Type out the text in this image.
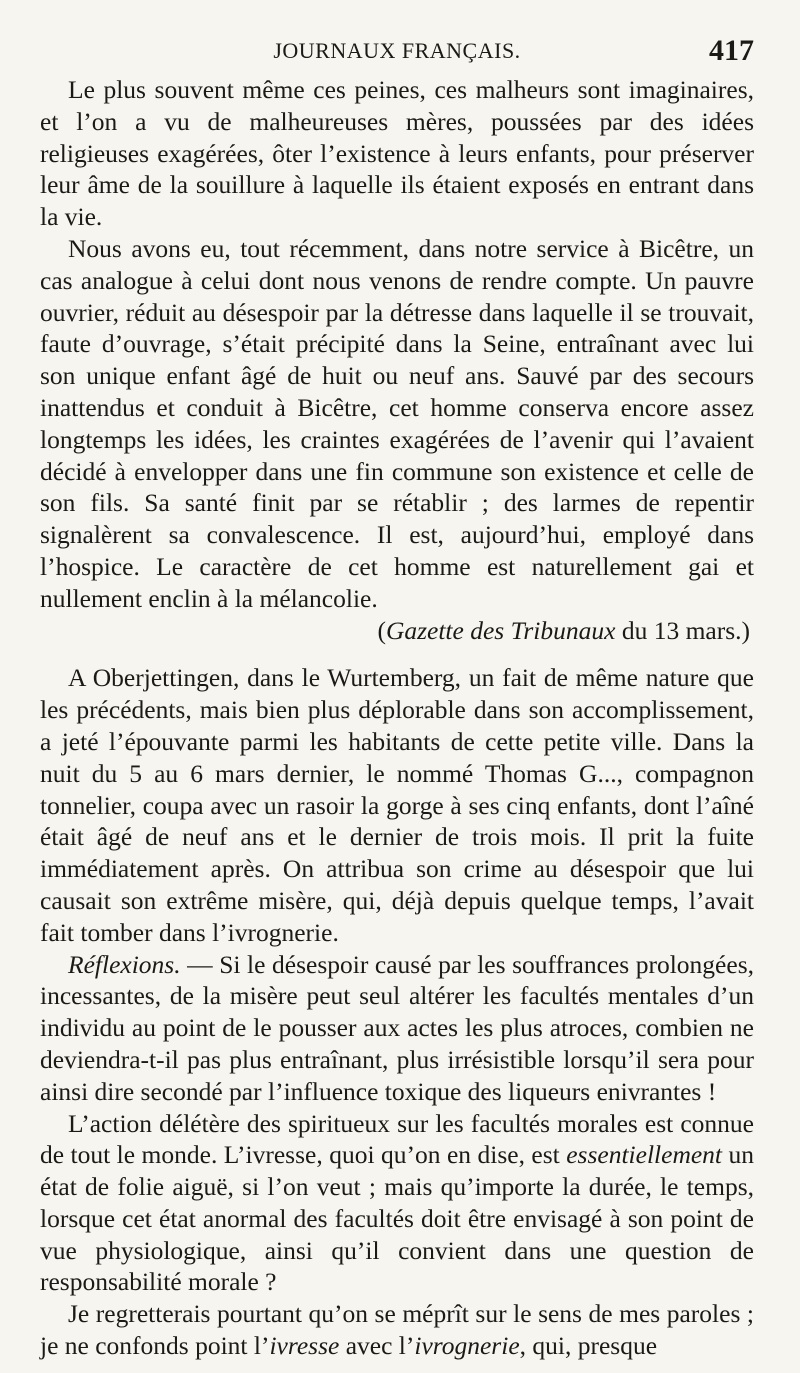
JOURNAUX FRANÇAIS.	417

Le plus souvent même ces peines, ces malheurs sont imaginaires, et l’on a vu de malheureuses mères, poussées par des idées religieuses exagérées, ôter l’existence à leurs enfants, pour préserver leur âme de la souillure à laquelle ils étaient exposés en entrant dans la vie.

Nous avons eu, tout récemment, dans notre service à Bicêtre, un cas analogue à celui dont nous venons de rendre compte. Un pauvre ouvrier, réduit au désespoir par la détresse dans laquelle il se trouvait, faute d’ouvrage, s’était précipité dans la Seine, entraînant avec lui son unique enfant âgé de huit ou neuf ans. Sauvé par des secours inattendus et conduit à Bicêtre, cet homme conserva encore assez longtemps les idées, les craintes exagérées de l’avenir qui l’avaient décidé à envelopper dans une fin commune son existence et celle de son fils. Sa santé finit par se rétablir ; des larmes de repentir signalèrent sa convalescence. Il est, aujourd’hui, employé dans l’hospice. Le caractère de cet homme est naturellement gai et nullement enclin à la mélancolie.

(Gazette des Tribunaux du 13 mars.)

A Oberjettingen, dans le Wurtemberg, un fait de même nature que les précédents, mais bien plus déplorable dans son accomplissement, a jeté l’épouvante parmi les habitants de cette petite ville. Dans la nuit du 5 au 6 mars dernier, le nommé Thomas G..., compagnon tonnelier, coupa avec un rasoir la gorge à ses cinq enfants, dont l’aîné était âgé de neuf ans et le dernier de trois mois. Il prit la fuite immédiatement après. On attribua son crime au désespoir que lui causait son extrême misère, qui, déjà depuis quelque temps, l’avait fait tomber dans l’ivrognerie.

Réflexions. — Si le désespoir causé par les souffrances prolongées, incessantes, de la misère peut seul altérer les facultés mentales d’un individu au point de le pousser aux actes les plus atroces, combien ne deviendra-t-il pas plus entraînant, plus irrésistible lorsqu’il sera pour ainsi dire secondé par l’influence toxique des liqueurs enivrantes !

L’action délétère des spiritueux sur les facultés morales est connue de tout le monde. L’ivresse, quoi qu’on en dise, est essentiellement un état de folie aiguë, si l’on veut ; mais qu’importe la durée, le temps, lorsque cet état anormal des facultés doit être envisagé à son point de vue physiologique, ainsi qu’il convient dans une question de responsabilité morale ?

Je regretterais pourtant qu’on se méprît sur le sens de mes paroles ; je ne confonds point l’ivresse avec l’ivrognerie, qui, presque
